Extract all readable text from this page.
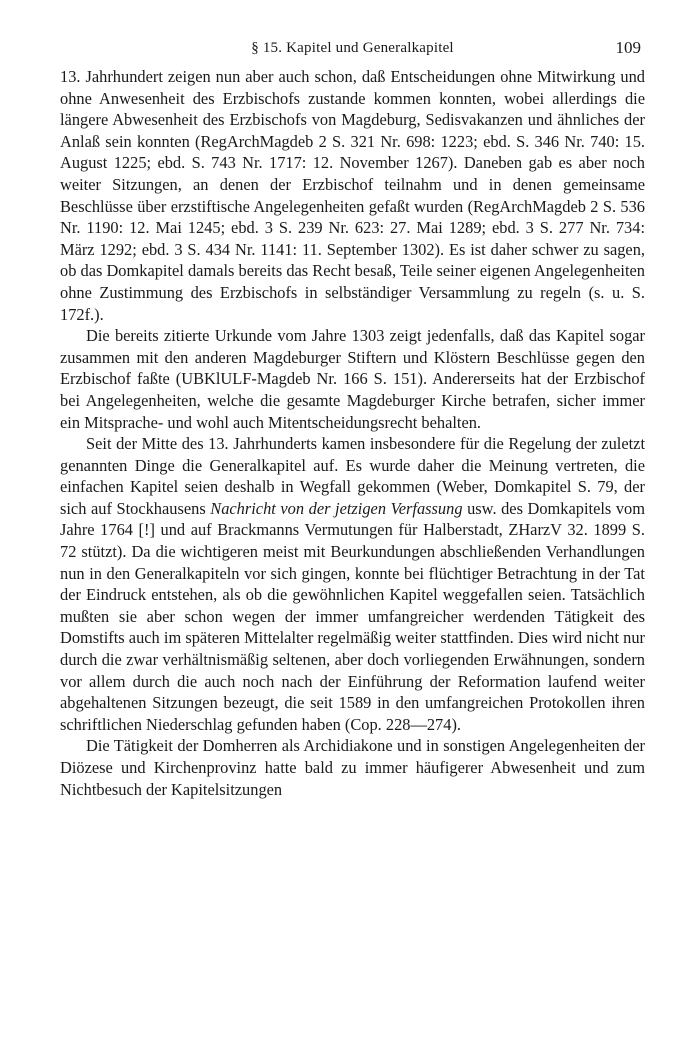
§ 15. Kapitel und Generalkapitel	109

13. Jahrhundert zeigen nun aber auch schon, daß Entscheidungen ohne Mitwirkung und ohne Anwesenheit des Erzbischofs zustande kommen konnten, wobei allerdings die längere Abwesenheit des Erzbischofs von Magdeburg, Sedisvakanzen und ähnliches der Anlaß sein konnten (RegArchMagdeb 2 S. 321 Nr. 698: 1223; ebd. S. 346 Nr. 740: 15. August 1225; ebd. S. 743 Nr. 1717: 12. November 1267). Daneben gab es aber noch weiter Sitzungen, an denen der Erzbischof teilnahm und in denen gemeinsame Beschlüsse über erzstiftische Angelegenheiten gefaßt wurden (RegArchMagdeb 2 S. 536 Nr. 1190: 12. Mai 1245; ebd. 3 S. 239 Nr. 623: 27. Mai 1289; ebd. 3 S. 277 Nr. 734: März 1292; ebd. 3 S. 434 Nr. 1141: 11. September 1302). Es ist daher schwer zu sagen, ob das Domkapitel damals bereits das Recht besaß, Teile seiner eigenen Angelegenheiten ohne Zustimmung des Erzbischofs in selbständiger Versammlung zu regeln (s. u. S. 172f.).

Die bereits zitierte Urkunde vom Jahre 1303 zeigt jedenfalls, daß das Kapitel sogar zusammen mit den anderen Magdeburger Stiftern und Klöstern Beschlüsse gegen den Erzbischof faßte (UBKlULF-Magdeb Nr. 166 S. 151). Andererseits hat der Erzbischof bei Angelegenheiten, welche die gesamte Magdeburger Kirche betrafen, sicher immer ein Mitsprache- und wohl auch Mitentscheidungsrecht behalten.

Seit der Mitte des 13. Jahrhunderts kamen insbesondere für die Regelung der zuletzt genannten Dinge die Generalkapitel auf. Es wurde daher die Meinung vertreten, die einfachen Kapitel seien deshalb in Wegfall gekommen (Weber, Domkapitel S. 79, der sich auf Stockhausens Nachricht von der jetzigen Verfassung usw. des Domkapitels vom Jahre 1764 [!] und auf Brackmanns Vermutungen für Halberstadt, ZHarzV 32. 1899 S. 72 stützt). Da die wichtigeren meist mit Beurkundungen abschließenden Verhandlungen nun in den Generalkapiteln vor sich gingen, konnte bei flüchtiger Betrachtung in der Tat der Eindruck entstehen, als ob die gewöhnlichen Kapitel weggefallen seien. Tatsächlich mußten sie aber schon wegen der immer umfangreicher werdenden Tätigkeit des Domstifts auch im späteren Mittelalter regelmäßig weiter stattfinden. Dies wird nicht nur durch die zwar verhältnismäßig seltenen, aber doch vorliegenden Erwähnungen, sondern vor allem durch die auch noch nach der Einführung der Reformation laufend weiter abgehaltenen Sitzungen bezeugt, die seit 1589 in den umfangreichen Protokollen ihren schriftlichen Niederschlag gefunden haben (Cop. 228—274).

Die Tätigkeit der Domherren als Archidiakone und in sonstigen Angelegenheiten der Diözese und Kirchenprovinz hatte bald zu immer häufigerer Abwesenheit und zum Nichtbesuch der Kapitelsitzungen
